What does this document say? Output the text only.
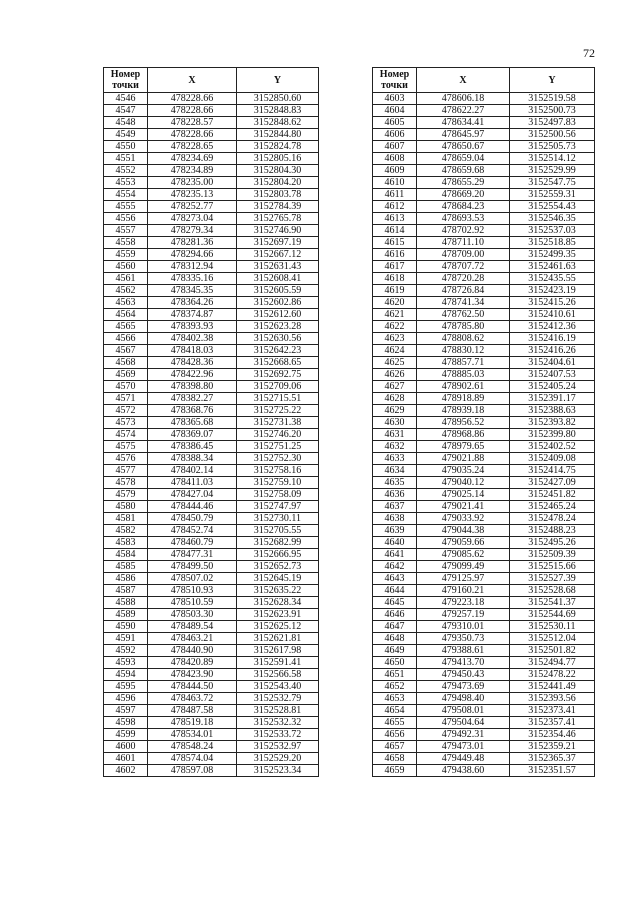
72
Номер точки	X	Y
4546	478228.66	3152850.60
4547	478228.66	3152848.83
4548	478228.57	3152848.62
4549	478228.66	3152844.80
4550	478228.65	3152824.78
4551	478234.69	3152805.16
4552	478234.89	3152804.30
4553	478235.00	3152804.20
4554	478235.13	3152803.78
4555	478252.77	3152784.39
4556	478273.04	3152765.78
4557	478279.34	3152746.90
4558	478281.36	3152697.19
4559	478294.66	3152667.12
4560	478312.94	3152631.43
4561	478335.16	3152608.41
4562	478345.35	3152605.59
4563	478364.26	3152602.86
4564	478374.87	3152612.60
4565	478393.93	3152623.28
4566	478402.38	3152630.56
4567	478418.03	3152642.23
4568	478428.36	3152668.65
4569	478422.96	3152692.75
4570	478398.80	3152709.06
4571	478382.27	3152715.51
4572	478368.76	3152725.22
4573	478365.68	3152731.38
4574	478369.07	3152746.20
4575	478386.45	3152751.25
4576	478388.34	3152752.30
4577	478402.14	3152758.16
4578	478411.03	3152759.10
4579	478427.04	3152758.09
4580	478444.46	3152747.97
4581	478450.79	3152730.11
4582	478452.74	3152705.55
4583	478460.79	3152682.99
4584	478477.31	3152666.95
4585	478499.50	3152652.73
4586	478507.02	3152645.19
4587	478510.93	3152635.22
4588	478510.59	3152628.34
4589	478503.30	3152623.91
4590	478489.54	3152625.12
4591	478463.21	3152621.81
4592	478440.90	3152617.98
4593	478420.89	3152591.41
4594	478423.90	3152566.58
4595	478444.50	3152543.40
4596	478463.72	3152532.79
4597	478487.58	3152528.81
4598	478519.18	3152532.32
4599	478534.01	3152533.72
4600	478548.24	3152532.97
4601	478574.04	3152529.20
4602	478597.08	3152523.34
Номер точки	X	Y
4603	478606.18	3152519.58
4604	478622.27	3152500.73
4605	478634.41	3152497.83
4606	478645.97	3152500.56
4607	478650.67	3152505.73
4608	478659.04	3152514.12
4609	478659.68	3152529.99
4610	478655.29	3152547.75
4611	478669.20	3152559.31
4612	478684.23	3152554.43
4613	478693.53	3152546.35
4614	478702.92	3152537.03
4615	478711.10	3152518.85
4616	478709.00	3152499.35
4617	478707.72	3152461.63
4618	478720.28	3152435.55
4619	478726.84	3152423.19
4620	478741.34	3152415.26
4621	478762.50	3152410.61
4622	478785.80	3152412.36
4623	478808.62	3152416.19
4624	478830.12	3152416.26
4625	478857.71	3152404.61
4626	478885.03	3152407.53
4627	478902.61	3152405.24
4628	478918.89	3152391.17
4629	478939.18	3152388.63
4630	478956.52	3152393.82
4631	478968.86	3152399.80
4632	478979.65	3152402.52
4633	479021.88	3152409.08
4634	479035.24	3152414.75
4635	479040.12	3152427.09
4636	479025.14	3152451.82
4637	479021.41	3152465.24
4638	479033.92	3152478.24
4639	479044.38	3152488.23
4640	479059.66	3152495.26
4641	479085.62	3152509.39
4642	479099.49	3152515.66
4643	479125.97	3152527.39
4644	479160.21	3152528.68
4645	479223.18	3152541.37
4646	479257.19	3152544.69
4647	479310.01	3152530.11
4648	479350.73	3152512.04
4649	479388.61	3152501.82
4650	479413.70	3152494.77
4651	479450.43	3152478.22
4652	479473.69	3152441.49
4653	479498.40	3152393.56
4654	479508.01	3152373.41
4655	479504.64	3152357.41
4656	479492.31	3152354.46
4657	479473.01	3152359.21
4658	479449.48	3152365.37
4659	479438.60	3152351.57
